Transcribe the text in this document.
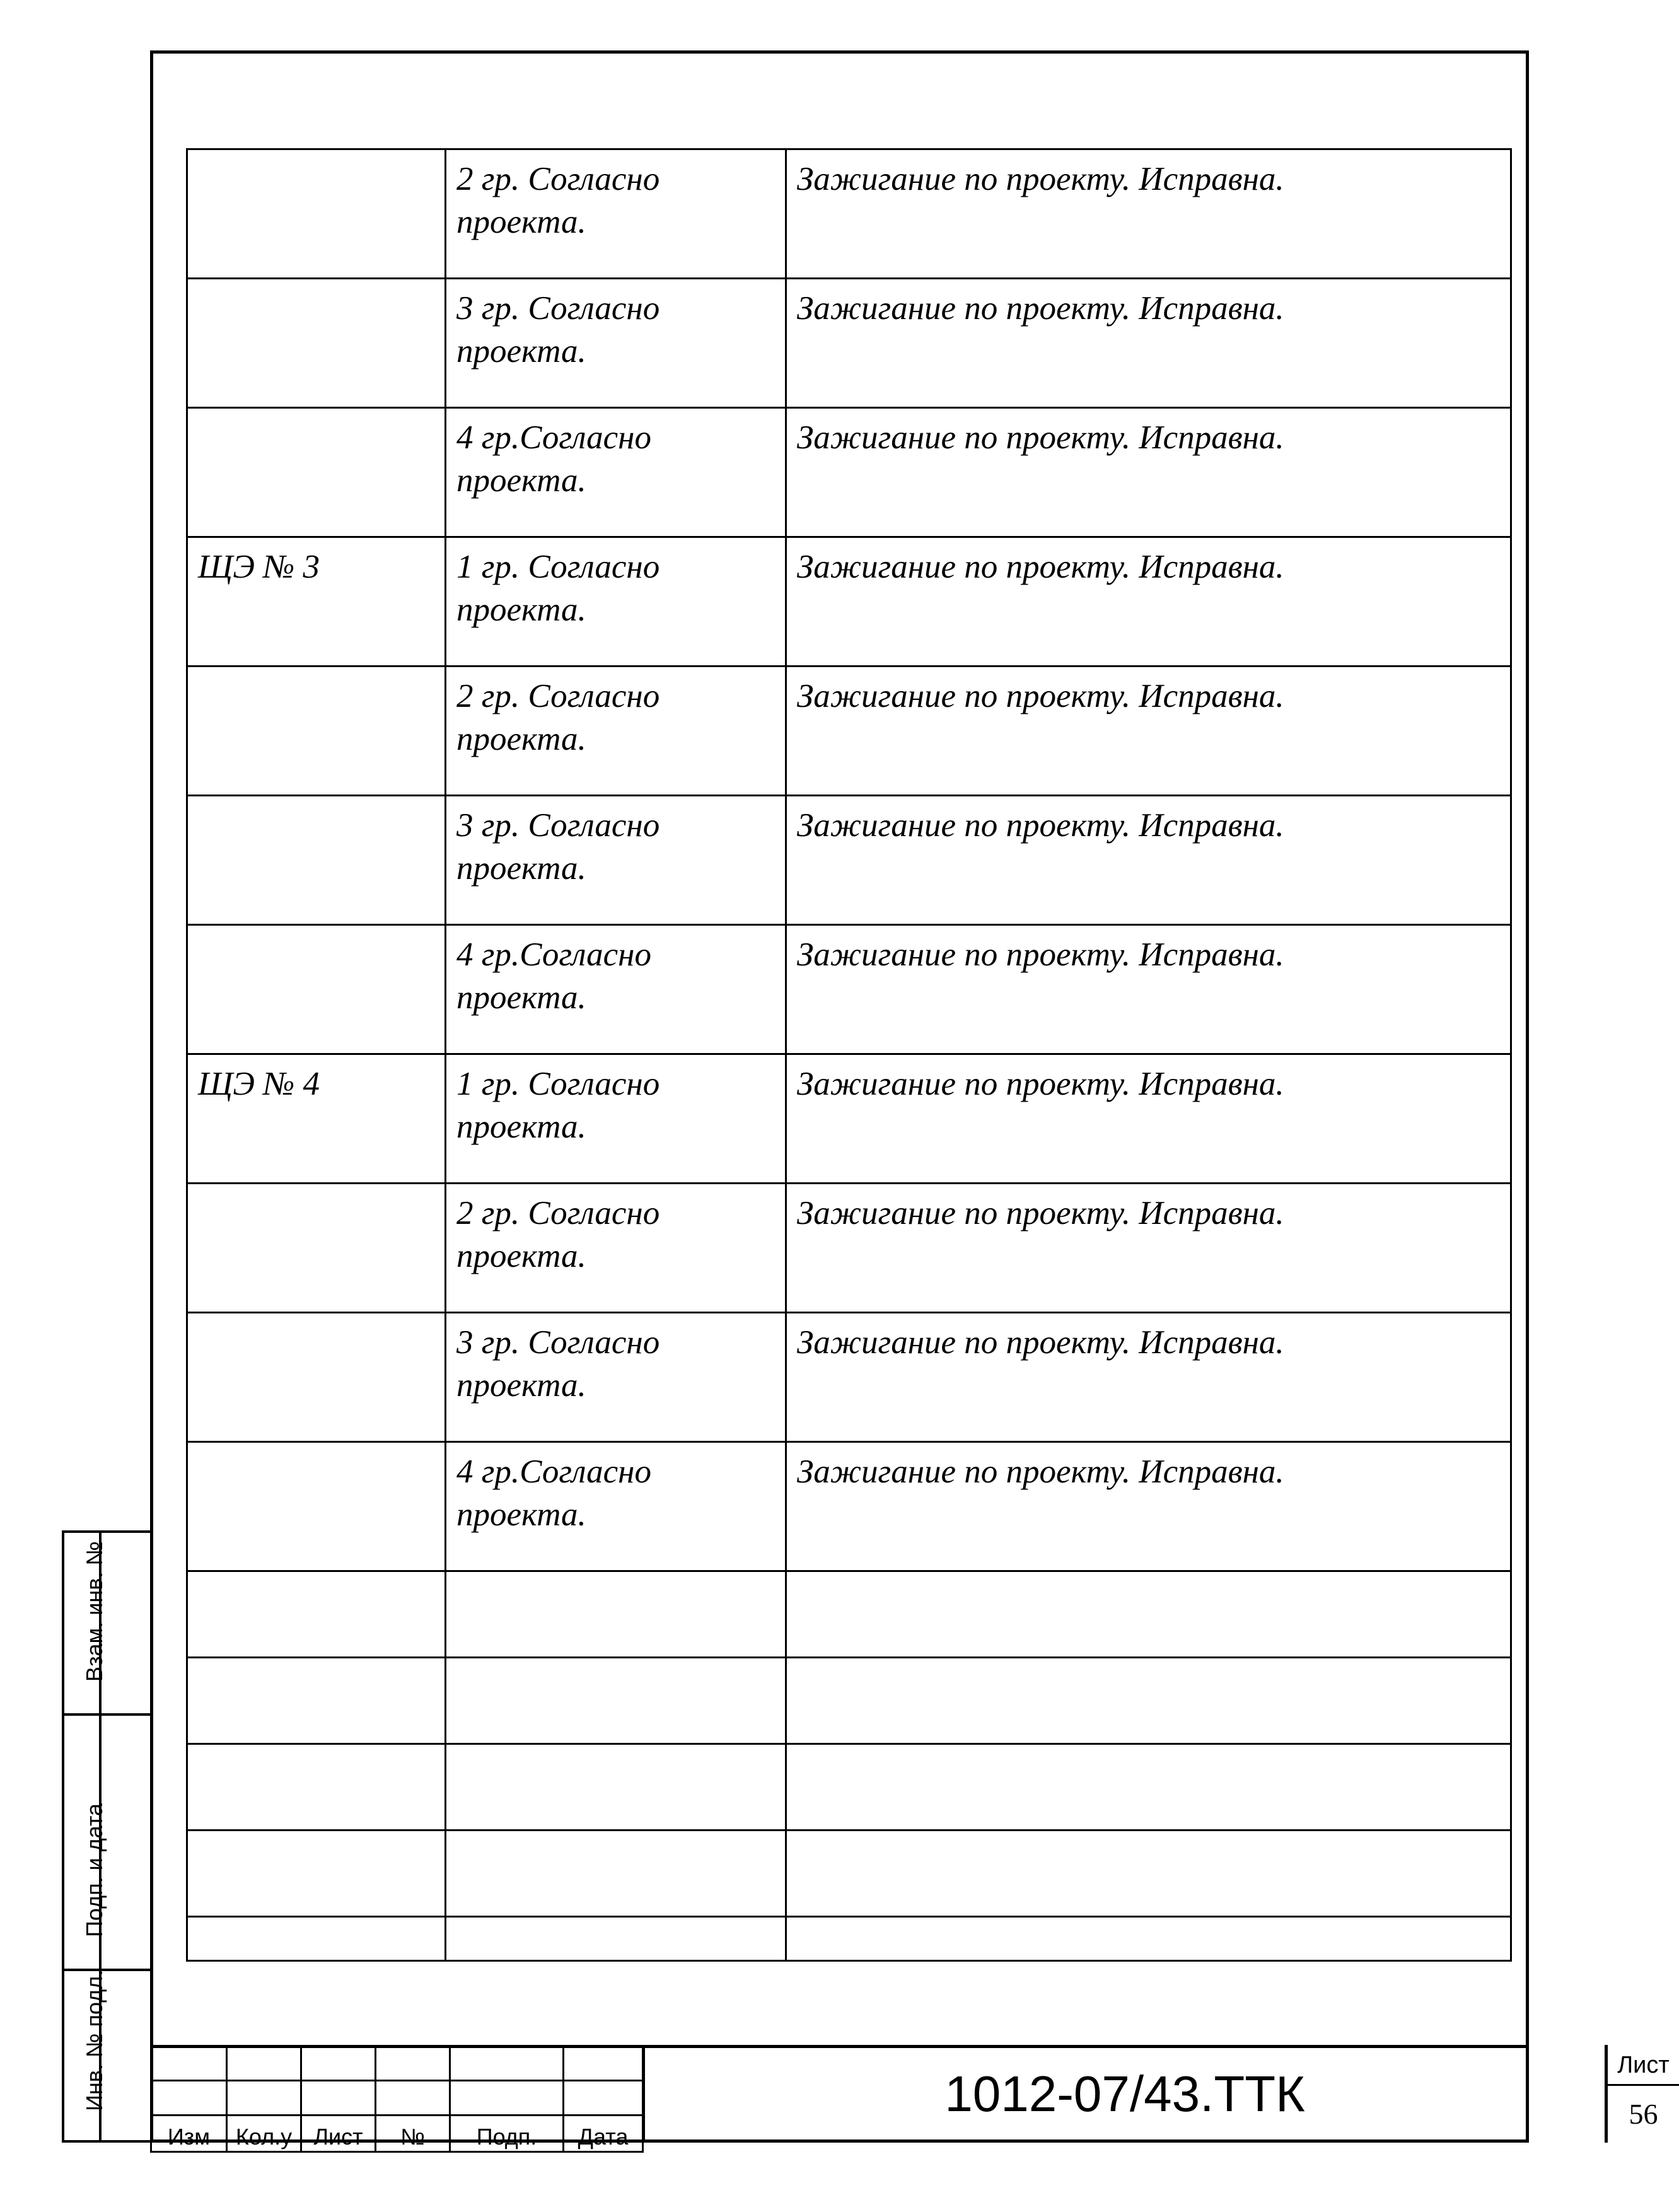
Взам. инв. №
Подп. и дата
Инв. № подл.
	2 гр. Согласно проекта.	Зажигание по проекту. Исправна.
	3 гр. Согласно проекта.	Зажигание по проекту. Исправна.
	4 гр.Согласно проекта.	Зажигание по проекту. Исправна.
ЩЭ № 3	1 гр. Согласно проекта.	Зажигание по проекту. Исправна.
	2 гр. Согласно проекта.	Зажигание по проекту. Исправна.
	3 гр. Согласно проекта.	Зажигание по проекту. Исправна.
	4 гр.Согласно проекта.	Зажигание по проекту. Исправна.
ЩЭ № 4	1 гр. Согласно проекта.	Зажигание по проекту. Исправна.
	2 гр. Согласно проекта.	Зажигание по проекту. Исправна.
	3 гр. Согласно проекта.	Зажигание по проекту. Исправна.
	4 гр.Согласно проекта.	Зажигание по проекту. Исправна.

Изм	Кол.у	Лист	№	Подп.	Дата
1012-07/43.ТТК
Лист
56
